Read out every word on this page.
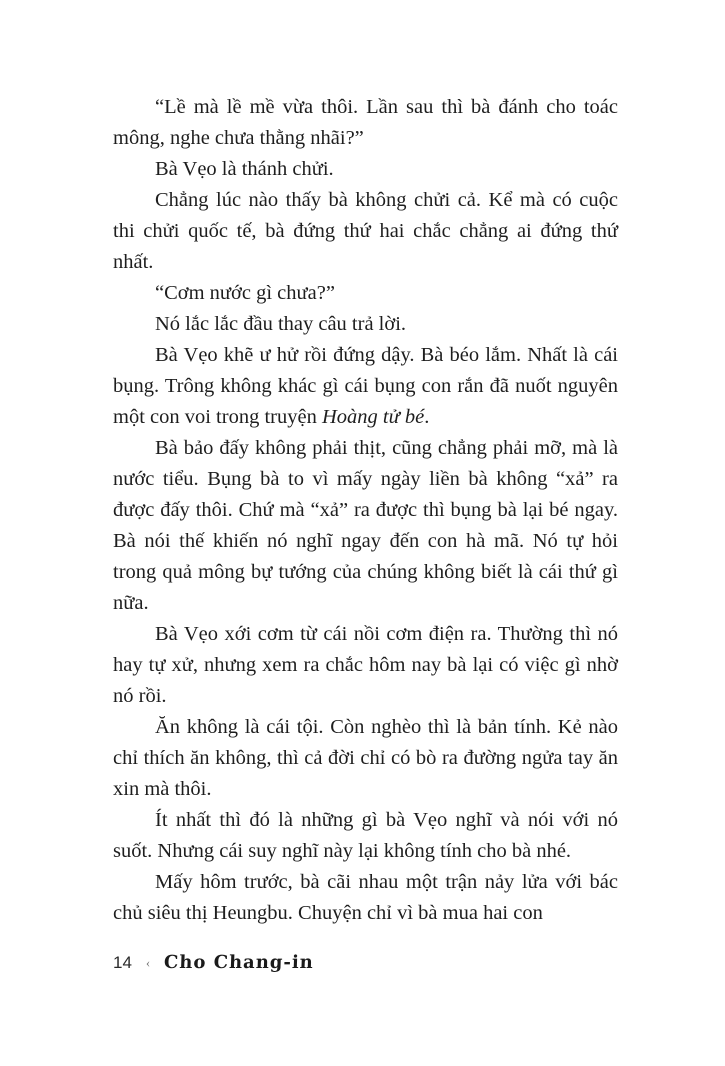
“Lề mà lề mề vừa thôi. Lần sau thì bà đánh cho toác mông, nghe chưa thằng nhãi?”

Bà Vẹo là thánh chửi.

Chẳng lúc nào thấy bà không chửi cả. Kể mà có cuộc thi chửi quốc tế, bà đứng thứ hai chắc chẳng ai đứng thứ nhất.

“Cơm nước gì chưa?”

Nó lắc lắc đầu thay câu trả lời.

Bà Vẹo khẽ ư hử rồi đứng dậy. Bà béo lắm. Nhất là cái bụng. Trông không khác gì cái bụng con rắn đã nuốt nguyên một con voi trong truyện Hoàng tử bé.

Bà bảo đấy không phải thịt, cũng chẳng phải mỡ, mà là nước tiểu. Bụng bà to vì mấy ngày liền bà không “xả” ra được đấy thôi. Chứ mà “xả” ra được thì bụng bà lại bé ngay. Bà nói thế khiến nó nghĩ ngay đến con hà mã. Nó tự hỏi trong quả mông bự tướng của chúng không biết là cái thứ gì nữa.

Bà Vẹo xới cơm từ cái nồi cơm điện ra. Thường thì nó hay tự xử, nhưng xem ra chắc hôm nay bà lại có việc gì nhờ nó rồi.

Ăn không là cái tội. Còn nghèo thì là bản tính. Kẻ nào chỉ thích ăn không, thì cả đời chỉ có bò ra đường ngửa tay ăn xin mà thôi.

Ít nhất thì đó là những gì bà Vẹo nghĩ và nói với nó suốt. Nhưng cái suy nghĩ này lại không tính cho bà nhé.

Mấy hôm trước, bà cãi nhau một trận nảy lửa với bác chủ siêu thị Heungbu. Chuyện chỉ vì bà mua hai con

14 ‹ Cho Chang-in
